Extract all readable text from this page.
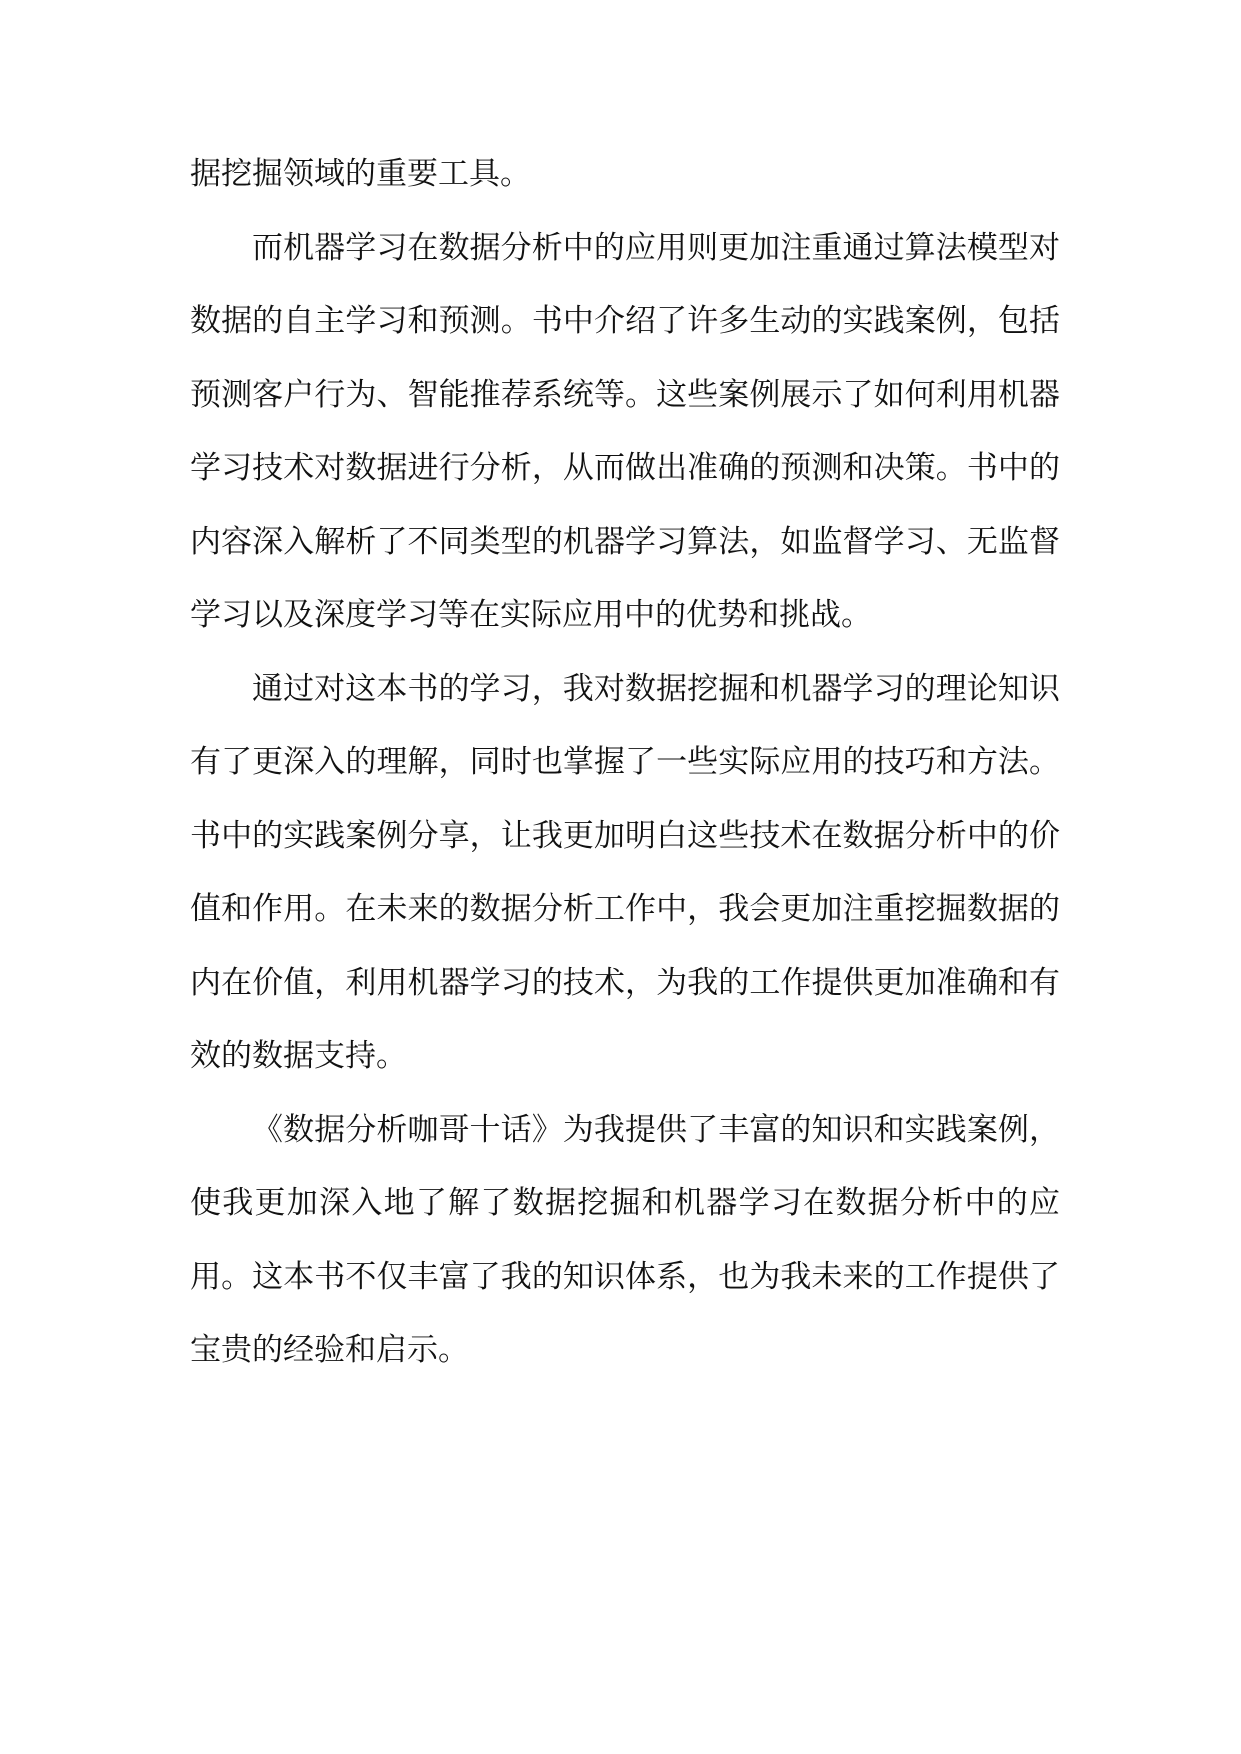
据挖掘领域的重要工具。

而机器学习在数据分析中的应用则更加注重通过算法模型对数据的自主学习和预测。书中介绍了许多生动的实践案例，包括预测客户行为、智能推荐系统等。这些案例展示了如何利用机器学习技术对数据进行分析，从而做出准确的预测和决策。书中的内容深入解析了不同类型的机器学习算法，如监督学习、无监督学习以及深度学习等在实际应用中的优势和挑战。

通过对这本书的学习，我对数据挖掘和机器学习的理论知识有了更深入的理解，同时也掌握了一些实际应用的技巧和方法。书中的实践案例分享，让我更加明白这些技术在数据分析中的价值和作用。在未来的数据分析工作中，我会更加注重挖掘数据的内在价值，利用机器学习的技术，为我的工作提供更加准确和有效的数据支持。

《数据分析咖哥十话》为我提供了丰富的知识和实践案例，使我更加深入地了解了数据挖掘和机器学习在数据分析中的应用。这本书不仅丰富了我的知识体系，也为我未来的工作提供了宝贵的经验和启示。
